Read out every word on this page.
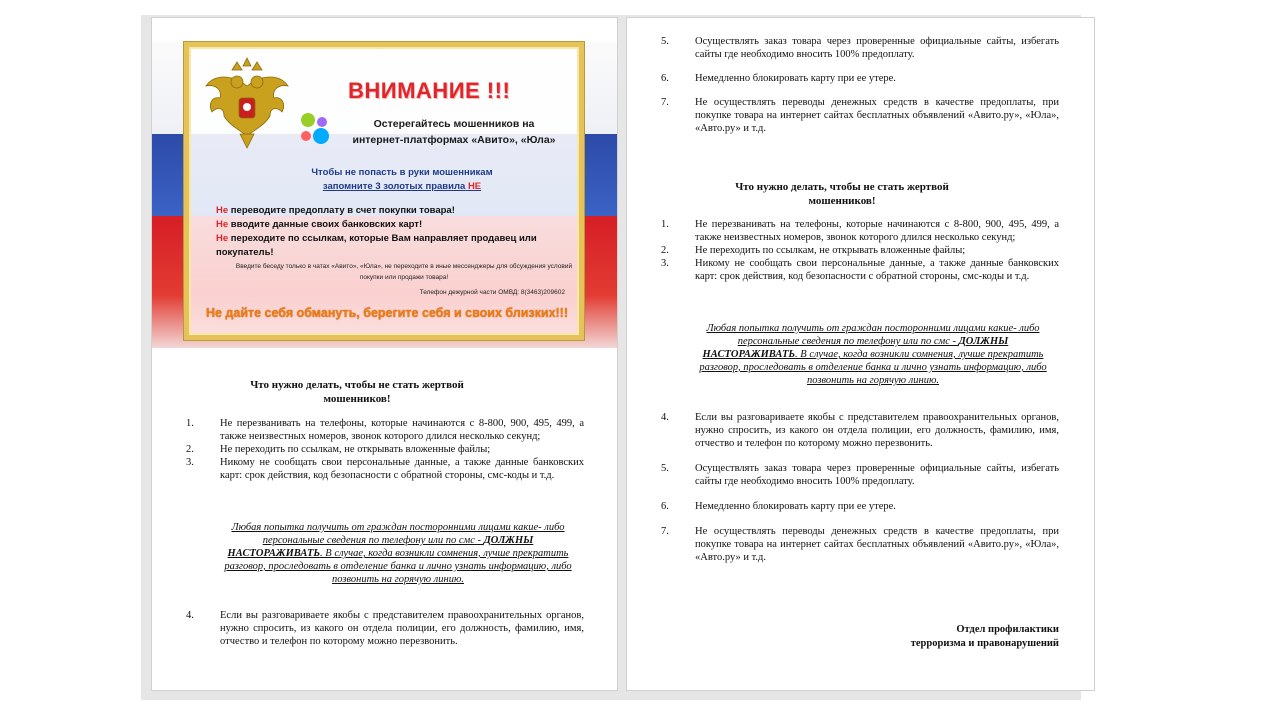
ВНИМАНИЕ !!!
Остерегайтесь мошенников на
интернет-платформах «Авито», «Юла»
Чтобы не попасть в руки мошенникам
запомните 3 золотых правила НЕ
Не переводите предоплату в счет покупки товара!
Не вводите данные своих банковских карт!
Не переходите по ссылкам, которые Вам направляет продавец или покупатель!
Введите беседу только в чатах «Авито», «Юла», не переходите в иные мессенджеры для обсуждения условий покупки или продажи товара!
Телефон дежурной части ОМВД: 8(3463)209602
Не дайте себя обмануть, берегите себя и своих близких!!!
Что нужно делать, чтобы не стать жертвой мошенников!
1.	Не перезванивать на телефоны, которые начинаются с 8-800, 900, 495, 499, а также неизвестных номеров, звонок которого длился несколько секунд;
2.	Не переходить по ссылкам, не открывать вложенные файлы;
3.	Никому не сообщать свои персональные данные, а также данные банковских карт: срок действия, код безопасности с обратной стороны, смс-коды и т.д.
Любая попытка получить от граждан посторонними лицами какие- либо персональные сведения по телефону или по смс - ДОЛЖНЫ НАСТОРАЖИВАТЬ. В случае, когда возникли сомнения, лучше прекратить разговор, проследовать в отделение банка и лично узнать информацию, либо позвонить на горячую линию.
4.	Если вы разговариваете якобы с представителем правоохранительных органов, нужно спросить, из какого он отдела полиции, его должность, фамилию, имя, отчество и телефон по которому можно перезвонить.
5.	Осуществлять заказ товара через проверенные официальные сайты, избегать сайты где необходимо вносить 100% предоплату.
6.	Немедленно блокировать карту при ее утере.
7.	Не осуществлять переводы денежных средств в качестве предоплаты, при покупке товара на интернет сайтах бесплатных объявлений «Авито.ру», «Юла», «Авто.ру» и т.д.
Что нужно делать, чтобы не стать жертвой мошенников!
1.	Не перезванивать на телефоны, которые начинаются с 8-800, 900, 495, 499, а также неизвестных номеров, звонок которого длился несколько секунд;
2.	Не переходить по ссылкам, не открывать вложенные файлы;
3.	Никому не сообщать свои персональные данные, а также данные банковских карт: срок действия, код безопасности с обратной стороны, смс-коды и т.д.
Любая попытка получить от граждан посторонними лицами какие- либо персональные сведения по телефону или по смс - ДОЛЖНЫ НАСТОРАЖИВАТЬ. В случае, когда возникли сомнения, лучше прекратить разговор, проследовать в отделение банка и лично узнать информацию, либо позвонить на горячую линию.
4.	Если вы разговариваете якобы с представителем правоохранительных органов, нужно спросить, из какого он отдела полиции, его должность, фамилию, имя, отчество и телефон по которому можно перезвонить.
5.	Осуществлять заказ товара через проверенные официальные сайты, избегать сайты где необходимо вносить 100% предоплату.
6.	Немедленно блокировать карту при ее утере.
7.	Не осуществлять переводы денежных средств в качестве предоплаты, при покупке товара на интернет сайтах бесплатных объявлений «Авито.ру», «Юла», «Авто.ру» и т.д.
Отдел профилактики
терроризма и правонарушений
